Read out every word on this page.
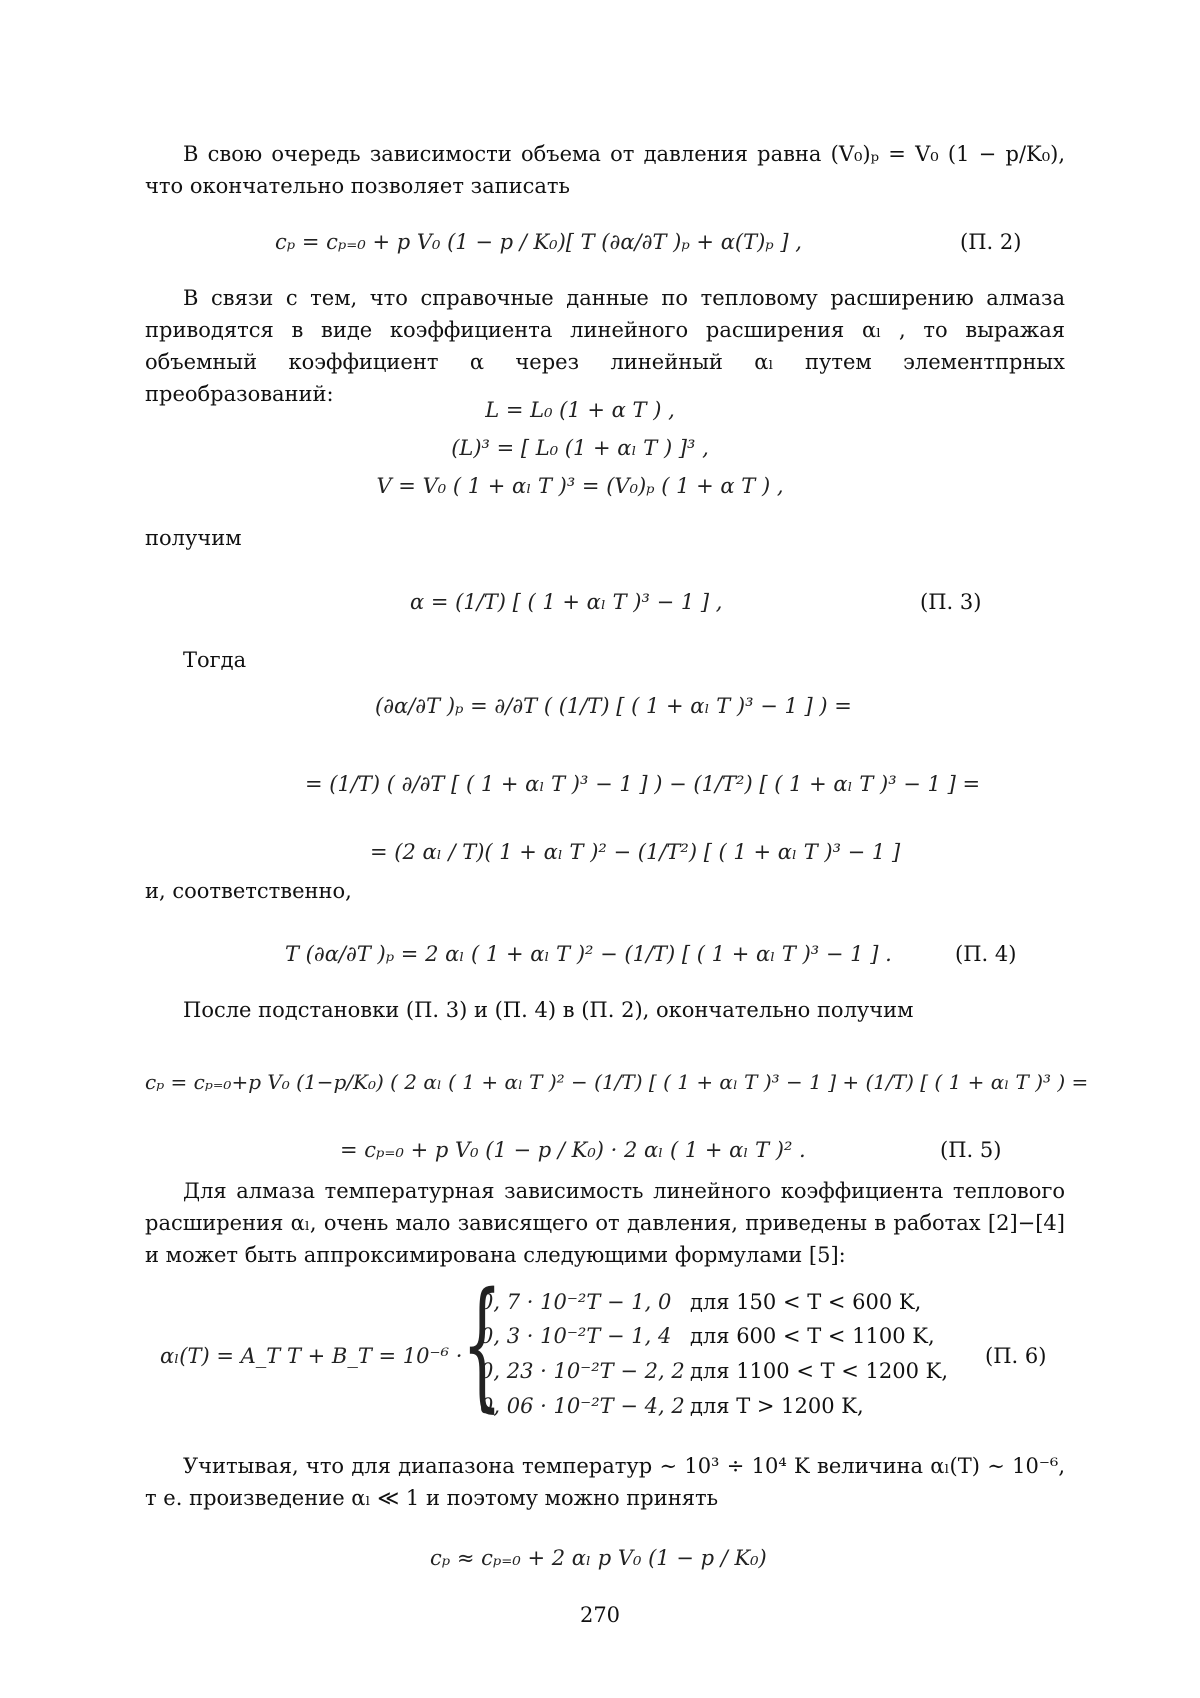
В свою очередь зависимости объема от давления равна (V₀)ₚ = V₀ (1 − p/K₀), что окончательно позволяет записать
cₚ = cₚ₌₀ + p V₀ (1 − p / K₀)[ T (∂α/∂T )ₚ + α(T)ₚ ] ,	(П. 2)
В связи с тем, что справочные данные по тепловому расширению алмаза приводятся в виде коэффициента линейного расширения αₗ , то выражая объемный коэффициент α через линейный αₗ путем элементпрных преобразований:
L = L₀ (1 + α T ) ,
(L)³ = [ L₀ (1 + αₗ T ) ]³ ,
V = V₀ ( 1 + αₗ T )³ = (V₀)ₚ ( 1 + α T ) ,
получим
α = (1/T) [ ( 1 + αₗ T )³ − 1 ] ,	(П. 3)
Тогда
(∂α/∂T )ₚ = ∂/∂T ( (1/T) [ ( 1 + αₗ T )³ − 1 ] ) =
= (1/T) ( ∂/∂T [ ( 1 + αₗ T )³ − 1 ] ) − (1/T²) [ ( 1 + αₗ T )³ − 1 ] =
= (2 αₗ / T)( 1 + αₗ T )² − (1/T²) [ ( 1 + αₗ T )³ − 1 ]
и, соответственно,
T (∂α/∂T )ₚ = 2 αₗ ( 1 + αₗ T )² − (1/T) [ ( 1 + αₗ T )³ − 1 ] .	(П. 4)
После подстановки (П. 3) и (П. 4) в (П. 2), окончательно получим
cₚ = cₚ₌₀+p V₀ (1−p/K₀) ( 2 αₗ ( 1 + αₗ T )² − (1/T) [ ( 1 + αₗ T )³ − 1 ] + (1/T) [ ( 1 + αₗ T )³ ) =
= cₚ₌₀ + p V₀ (1 − p / K₀) · 2 αₗ ( 1 + αₗ T )² .	(П. 5)
Для алмаза температурная зависимость линейного коэффициента теплового расширения αₗ, очень мало зависящего от давления, приведены в работах [2]−[4] и может быть аппроксимирована следующими формулами [5]:
αₗ(T) = A_T T + B_T = 10⁻⁶ · {
0, 7 · 10⁻²T − 1, 0 для 150 < T < 600 K,
0, 3 · 10⁻²T − 1, 4 для 600 < T < 1100 K,
0, 23 · 10⁻²T − 2, 2 для 1100 < T < 1200 K,
0, 06 · 10⁻²T − 4, 2 для T > 1200 K,
(П. 6)
Учитывая, что для диапазона температур ∼ 10³ ÷ 10⁴ K величина αₗ(T) ∼ 10⁻⁶, т е. произведение αₗ ≪ 1 и поэтому можно принять
cₚ ≈ cₚ₌₀ + 2 αₗ p V₀ (1 − p / K₀)
270
